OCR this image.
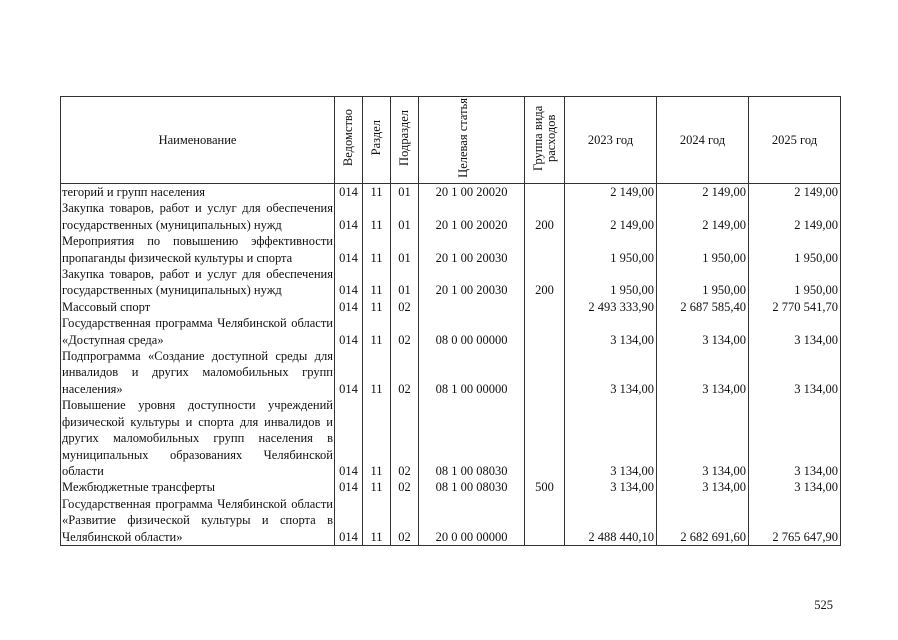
Наименование	Ведомство	Раздел	Подраздел	Целевая статья	Группа вида расходов	2023 год	2024 год	2025 год
тегорий и групп населения	014	11	01	20 1 00 20020		2 149,00	2 149,00	2 149,00
Закупка товаров, работ и услуг для обеспечения государственных (муниципальных) нужд	014	11	01	20 1 00 20020	200	2 149,00	2 149,00	2 149,00
Мероприятия по повышению эффективности пропаганды физической культуры и спорта	014	11	01	20 1 00 20030		1 950,00	1 950,00	1 950,00
Закупка товаров, работ и услуг для обеспечения государственных (муниципальных) нужд	014	11	01	20 1 00 20030	200	1 950,00	1 950,00	1 950,00
Массовый спорт	014	11	02			2 493 333,90	2 687 585,40	2 770 541,70
Государственная программа Челябинской области «Доступная среда»	014	11	02	08 0 00 00000		3 134,00	3 134,00	3 134,00
Подпрограмма «Создание доступной среды для инвалидов и других маломобильных групп населения»	014	11	02	08 1 00 00000		3 134,00	3 134,00	3 134,00
Повышение уровня доступности учреждений физической культуры и спорта для инвалидов и других маломобильных групп населения в муниципальных образованиях Челябинской области	014	11	02	08 1 00 08030		3 134,00	3 134,00	3 134,00
Межбюджетные трансферты	014	11	02	08 1 00 08030	500	3 134,00	3 134,00	3 134,00
Государственная программа Челябинской области «Развитие физической культуры и спорта в Челябинской области»	014	11	02	20 0 00 00000		2 488 440,10	2 682 691,60	2 765 647,90
525
